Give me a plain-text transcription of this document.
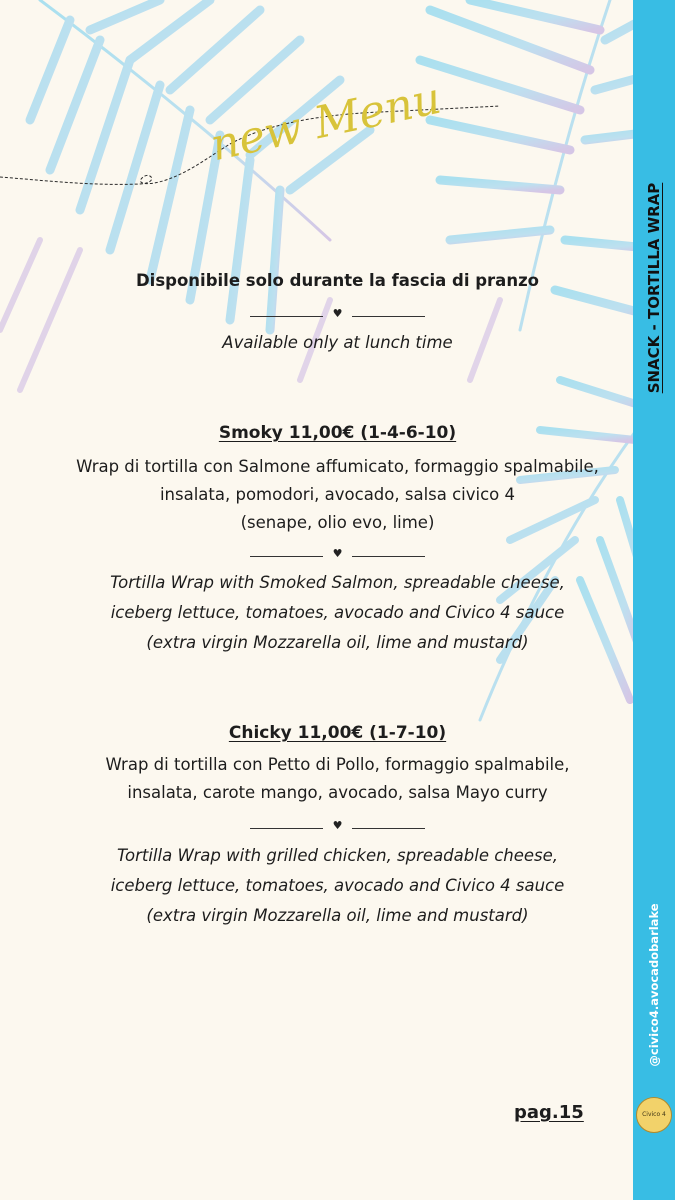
SNACK - TORTILLA WRAP
@civico4.avocadobarlake
Civico 4
new Menu
Disponibile solo durante la fascia di pranzo
♥
Available only at lunch time
Smoky 11,00€ (1-4-6-10)
Wrap di tortilla con Salmone affumicato, formaggio spalmabile,
insalata, pomodori, avocado, salsa civico 4
(senape, olio evo, lime)
♥
Tortilla Wrap with Smoked Salmon, spreadable cheese,
iceberg lettuce, tomatoes, avocado and Civico 4 sauce
(extra virgin Mozzarella oil, lime and mustard)
Chicky 11,00€ (1-7-10)
Wrap di tortilla con Petto di Pollo, formaggio spalmabile,
insalata, carote mango, avocado, salsa Mayo curry
♥
Tortilla Wrap with grilled chicken, spreadable cheese,
iceberg lettuce, tomatoes, avocado and Civico 4 sauce
(extra virgin Mozzarella oil, lime and mustard)
pag.15
